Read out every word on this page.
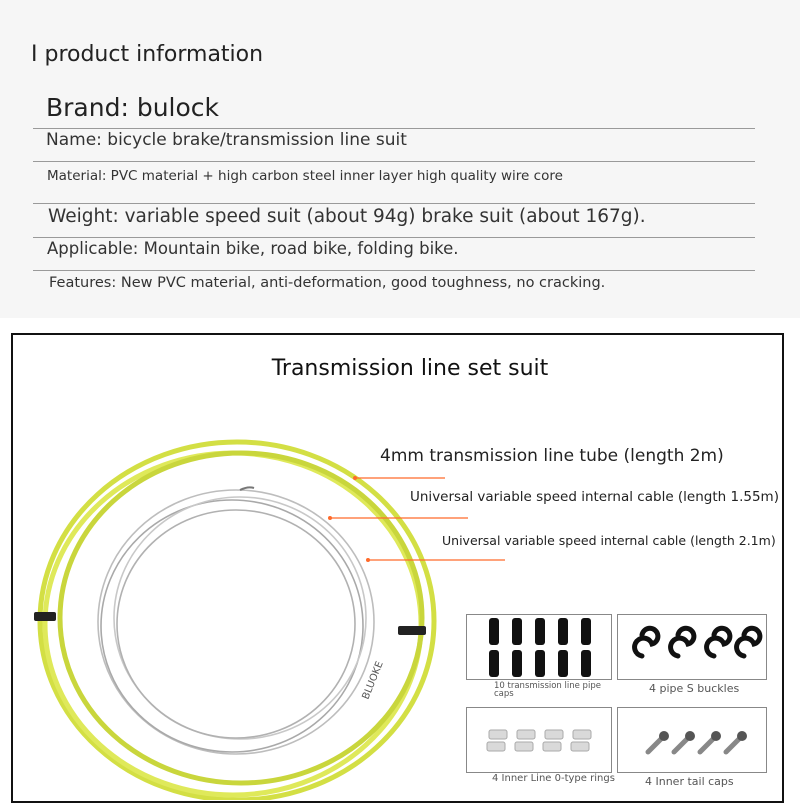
I product information
Brand: bulock
Name: bicycle brake/transmission line suit
Material: PVC material + high carbon steel inner layer high quality wire core
Weight: variable speed suit (about 94g) brake suit (about 167g).
Applicable: Mountain bike, road bike, folding bike.
Features: New PVC material, anti-deformation, good toughness, no cracking.
Transmission line set suit
BLUOKE
4mm transmission line tube (length 2m)
Universal variable speed internal cable (length 1.55m)
Universal variable speed internal cable (length 2.1m)
10 transmission line pipe caps	4 pipe S buckles
4 Inner Line 0-type rings	4 Inner tail caps
